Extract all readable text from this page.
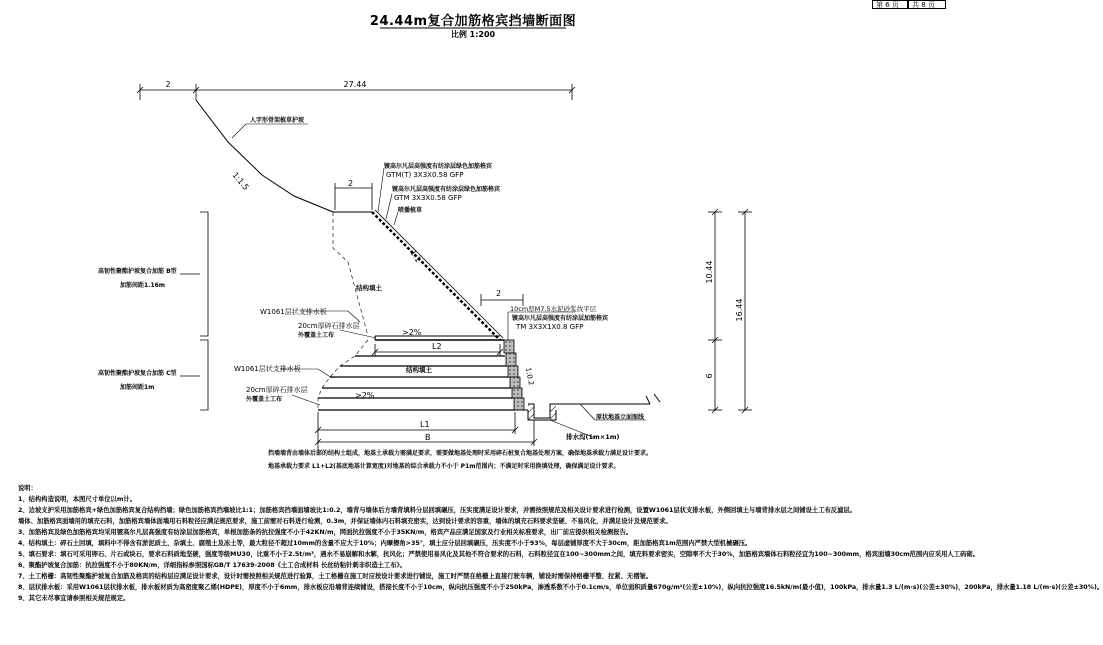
第 6 页	共 8 页
24.44m复合加筋格宾挡墙断面图
比例 1:200
2	27.44
1:1.5
人字形骨架植草护坡
1:1
2
镀高尔凡层高强度有纺涂层绿色加筋格宾
GTM(T) 3X3X0.58 GFP
镀高尔凡层高强度有纺涂层绿色加筋格宾
GTM 3X3X0.58 GFP
喷播植草
结构填土
>2%
W1061层状支排水板
20cm厚碎石排水层
外覆盖土工布
L2
结构填土
>2%
W1061层状支排水板
20cm厚碎石排水层
外覆盖土工布
1:0.2
2
10cm厚M7.5水泥砂浆找平层
镀高尔凡层高强度有纺涂层加筋格宾
TM 3X3X1X0.8 GFP
排水沟(1m×1m)
原状地基立面图线
L1
B
高韧性聚酯护坡复合加筋 B型
加筋间距1.16m
高韧性聚酯护坡复合加筋 C型
加筋间距1m
10.44
6
16.44
挡墙墙背由墙体后部的结构土组成，地基土承载力需满足要求，需要做地基处理时采用碎石桩复合地基处理方案，确保地基承载力满足设计要求。
地基承载力要求 L1+L2(基底地基计算宽度)对地基的综合承载力不小于 P1m范围内；不满足时采用换填处理，确保满足设计要求。
说明：
1、结构构造说明，本图尺寸单位以m计。
2、边坡支护采用加筋格宾+绿色加筋格宾复合结构挡墙；绿色加筋格宾挡墙坡比1:1；加筋格宾挡墙面墙坡比1:0.2，墙背与墙体后方墙背填料分层回填碾压，压实度满足设计要求，并需按照规范及相关设计要求进行检测，设置W1061层状支排水板，外侧回填土与墙背排水层之间铺设土工布反滤层。
墙体、加筋格宾面墙用的填充石料，加筋格宾墙体面墙用石料粒径应满足规范要求，施工前需对石料进行检测，0.3m，并保证墙体内石料填充密实，达到设计要求的容重，墙体的填充石料要求坚硬、不易风化，并满足设计及规范要求。
3、加筋格宾及绿色加筋格宾均采用镀高尔凡层高强度有纺涂层加筋格宾，单根加筋条的抗拉强度不小于42KN/m，网面抗拉强度不小于35KN/m，格宾产品应满足国家及行业相关标准要求，出厂前应提供相关检测报告。
4、结构填土：碎石土回填，填料中不得含有淤泥质土、杂填土、腐殖土及冻土等，最大粒径不超过10mm的含量不应大于10%；内摩擦角>35°，填土应分层回填碾压，压实度不小于93%，每层虚铺厚度不大于30cm，距加筋格宾1m范围内严禁大型机械碾压。
5、填石要求：填石可采用卵石、片石或块石，要求石料质地坚硬，强度等级MU30，比重不小于2.5t/m³，遇水不易崩解和水解，抗风化；严禁使用易风化及其他不符合要求的石料，石料粒径宜在100~300mm之间，填充料要求密实，空隙率不大于30%，加筋格宾墙体石料粒径宜为100~300mm，格宾面墙30cm范围内应采用人工码砌。
6、聚酯护坡复合加筋：抗拉强度不小于80KN/m，详细指标参照国标GB/T 17639-2008《土工合成材料 长丝纺粘针刺非织造土工布》。
7、土工格栅：高韧性聚酯护坡复合加筋及格宾的结构层应满足设计要求，设计时需按照相关规范进行验算，土工格栅在施工时应按设计要求进行铺设，施工时严禁在格栅上直接行驶车辆，铺设时需保持格栅平整、拉紧、无褶皱。
8、层状排水板：采用W1061层状排水板，排水板材质为高密度聚乙烯(HDPE)，厚度不小于6mm，排水板应沿墙背连续铺设，搭接长度不小于10cm，纵向抗压强度不小于250kPa，渗透系数不小于0.1cm/s，单位面积质量670g/m²(公差±10%)，纵向抗拉强度16.5kN/m(最小值)，100kPa，排水量1.3 L/(m·s)(公差±30%)，200kPa，排水量1.18 L/(m·s)(公差±30%)。
9、其它未尽事宜请参照相关规范规定。
